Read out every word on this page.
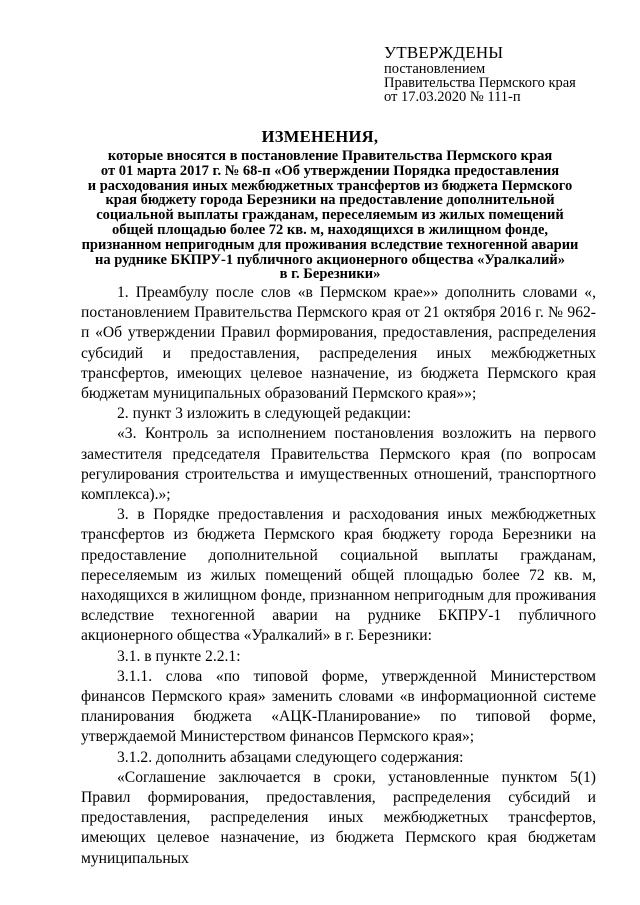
УТВЕРЖДЕНЫ
постановлением
Правительства Пермского края
от 17.03.2020 № 111-п
ИЗМЕНЕНИЯ,
которые вносятся в постановление Правительства Пермского края
от 01 марта 2017 г. № 68-п «Об утверждении Порядка предоставления
и расходования иных межбюджетных трансфертов из бюджета Пермского
края бюджету города Березники на предоставление дополнительной
социальной выплаты гражданам, переселяемым из жилых помещений
общей площадью более 72 кв. м, находящихся в жилищном фонде,
признанном непригодным для проживания вследствие техногенной аварии
на руднике БКПРУ-1 публичного акционерного общества «Уралкалий»
в г. Березники»

1. Преамбулу после слов «в Пермском крае»» дополнить словами «, постановлением Правительства Пермского края от 21 октября 2016 г. № 962-п «Об утверждении Правил формирования, предоставления, распределения субсидий и предоставления, распределения иных межбюджетных трансфертов, имеющих целевое назначение, из бюджета Пермского края бюджетам муниципальных образований Пермского края»»;

2. пункт 3 изложить в следующей редакции:

«3. Контроль за исполнением постановления возложить на первого заместителя председателя Правительства Пермского края (по вопросам регулирования строительства и имущественных отношений, транспортного комплекса).»;

3. в Порядке предоставления и расходования иных межбюджетных трансфертов из бюджета Пермского края бюджету города Березники на предоставление дополнительной социальной выплаты гражданам, переселяемым из жилых помещений общей площадью более 72 кв. м, находящихся в жилищном фонде, признанном непригодным для проживания вследствие техногенной аварии на руднике БКПРУ-1 публичного акционерного общества «Уралкалий» в г. Березники:

3.1. в пункте 2.2.1:

3.1.1. слова «по типовой форме, утвержденной Министерством финансов Пермского края» заменить словами «в информационной системе планирования бюджета «АЦК-Планирование» по типовой форме, утверждаемой Министерством финансов Пермского края»;

3.1.2. дополнить абзацами следующего содержания:

«Соглашение заключается в сроки, установленные пунктом 5(1) Правил формирования, предоставления, распределения субсидий и предоставления, распределения иных межбюджетных трансфертов, имеющих целевое назначение, из бюджета Пермского края бюджетам муниципальных
